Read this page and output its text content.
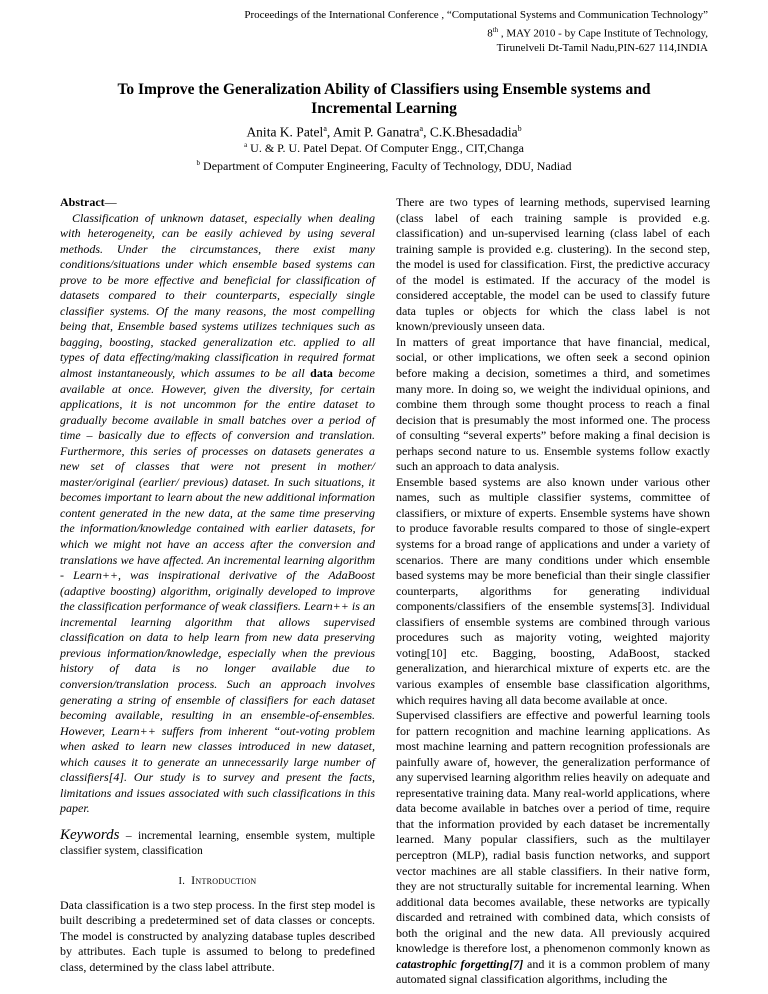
Proceedings of the International Conference , “Computational Systems and Communication Technology”
8th , MAY 2010 - by Cape Institute of Technology,
Tirunelveli Dt-Tamil Nadu,PIN-627 114,INDIA
To Improve the Generalization Ability of Classifiers using Ensemble systems and Incremental Learning
Anita K. Patel$^a$, Amit P. Ganatra$^a$, C.K.Bhesadadia$^b$
$^a$ U. & P. U. Patel Depat. Of Computer Engg., CIT,Changa
$^b$ Department of Computer Engineering, Faculty of Technology, DDU, Nadiad

Abstract—
Classification of unknown dataset, especially when dealing with heterogeneity, can be easily achieved by using several methods. Under the circumstances, there exist many conditions/situations under which ensemble based systems can prove to be more effective and beneficial for classification of datasets compared to their counterparts, especially single classifier systems. Of the many reasons, the most compelling being that, Ensemble based systems utilizes techniques such as bagging, boosting, stacked generalization etc. applied to all types of data effecting/making classification in required format almost instantaneously, which assumes to be all data become available at once. However, given the diversity, for certain applications, it is not uncommon for the entire dataset to gradually become available in small batches over a period of time – basically due to effects of conversion and translation. Furthermore, this series of processes on datasets generates a new set of classes that were not present in mother/ master/original (earlier/ previous) dataset. In such situations, it becomes important to learn about the new additional information content generated in the new data, at the same time preserving the information/knowledge contained with earlier datasets, for which we might not have an access after the conversion and translations we have affected. An incremental learning algorithm - Learn++, was inspirational derivative of the AdaBoost (adaptive boosting) algorithm, originally developed to improve the classification performance of weak classifiers. Learn++ is an incremental learning algorithm that allows supervised classification on data to help learn from new data preserving previous information/knowledge, especially when the previous history of data is no longer available due to conversion/translation process. Such an approach involves generating a string of ensemble of classifiers for each dataset becoming available, resulting in an ensemble-of-ensembles. However, Learn++ suffers from inherent “out-voting problem when asked to learn new classes introduced in new dataset, which causes it to generate an unnecessarily large number of classifiers[4]. Our study is to survey and present the facts, limitations and issues associated with such classifications in this paper.

Keywords – incremental learning, ensemble system, multiple classifier system, classification
I. Introduction
Data classification is a two step process. In the first step model is built describing a predetermined set of data classes or concepts. The model is constructed by analyzing database tuples described by attributes. Each tuple is assumed to belong to predefined class, determined by the class label attribute.

There are two types of learning methods, supervised learning (class label of each training sample is provided e.g. classification) and un-supervised learning (class label of each training sample is provided e.g. clustering). In the second step, the model is used for classification. First, the predictive accuracy of the model is estimated. If the accuracy of the model is considered acceptable, the model can be used to classify future data tuples or objects for which the class label is not known/previously unseen data.

In matters of great importance that have financial, medical, social, or other implications, we often seek a second opinion before making a decision, sometimes a third, and sometimes many more. In doing so, we weight the individual opinions, and combine them through some thought process to reach a final decision that is presumably the most informed one. The process of consulting “several experts” before making a final decision is perhaps second nature to us. Ensemble systems follow exactly such an approach to data analysis.

Ensemble based systems are also known under various other names, such as multiple classifier systems, committee of classifiers, or mixture of experts. Ensemble systems have shown to produce favorable results compared to those of single-expert systems for a broad range of applications and under a variety of scenarios. There are many conditions under which ensemble based systems may be more beneficial than their single classifier counterparts, algorithms for generating individual components/classifiers of the ensemble systems[3]. Individual classifiers of ensemble systems are combined through various procedures such as majority voting, weighted majority voting[10] etc. Bagging, boosting, AdaBoost, stacked generalization, and hierarchical mixture of experts etc. are the various examples of ensemble base classification algorithms, which requires having all data become available at once.

Supervised classifiers are effective and powerful learning tools for pattern recognition and machine learning applications. As most machine learning and pattern recognition professionals are painfully aware of, however, the generalization performance of any supervised learning algorithm relies heavily on adequate and representative training data. Many real-world applications, where data become available in batches over a period of time, require that the information provided by each dataset be incrementally learned. Many popular classifiers, such as the multilayer perceptron (MLP), radial basis function networks, and support vector machines are all stable classifiers. In their native form, they are not structurally suitable for incremental learning. When additional data becomes available, these networks are typically discarded and retrained with combined data, which consists of both the original and the new data. All previously acquired knowledge is therefore lost, a phenomenon commonly known as catastrophic forgetting[7] and it is a common problem of many automated signal classification algorithms, including the
